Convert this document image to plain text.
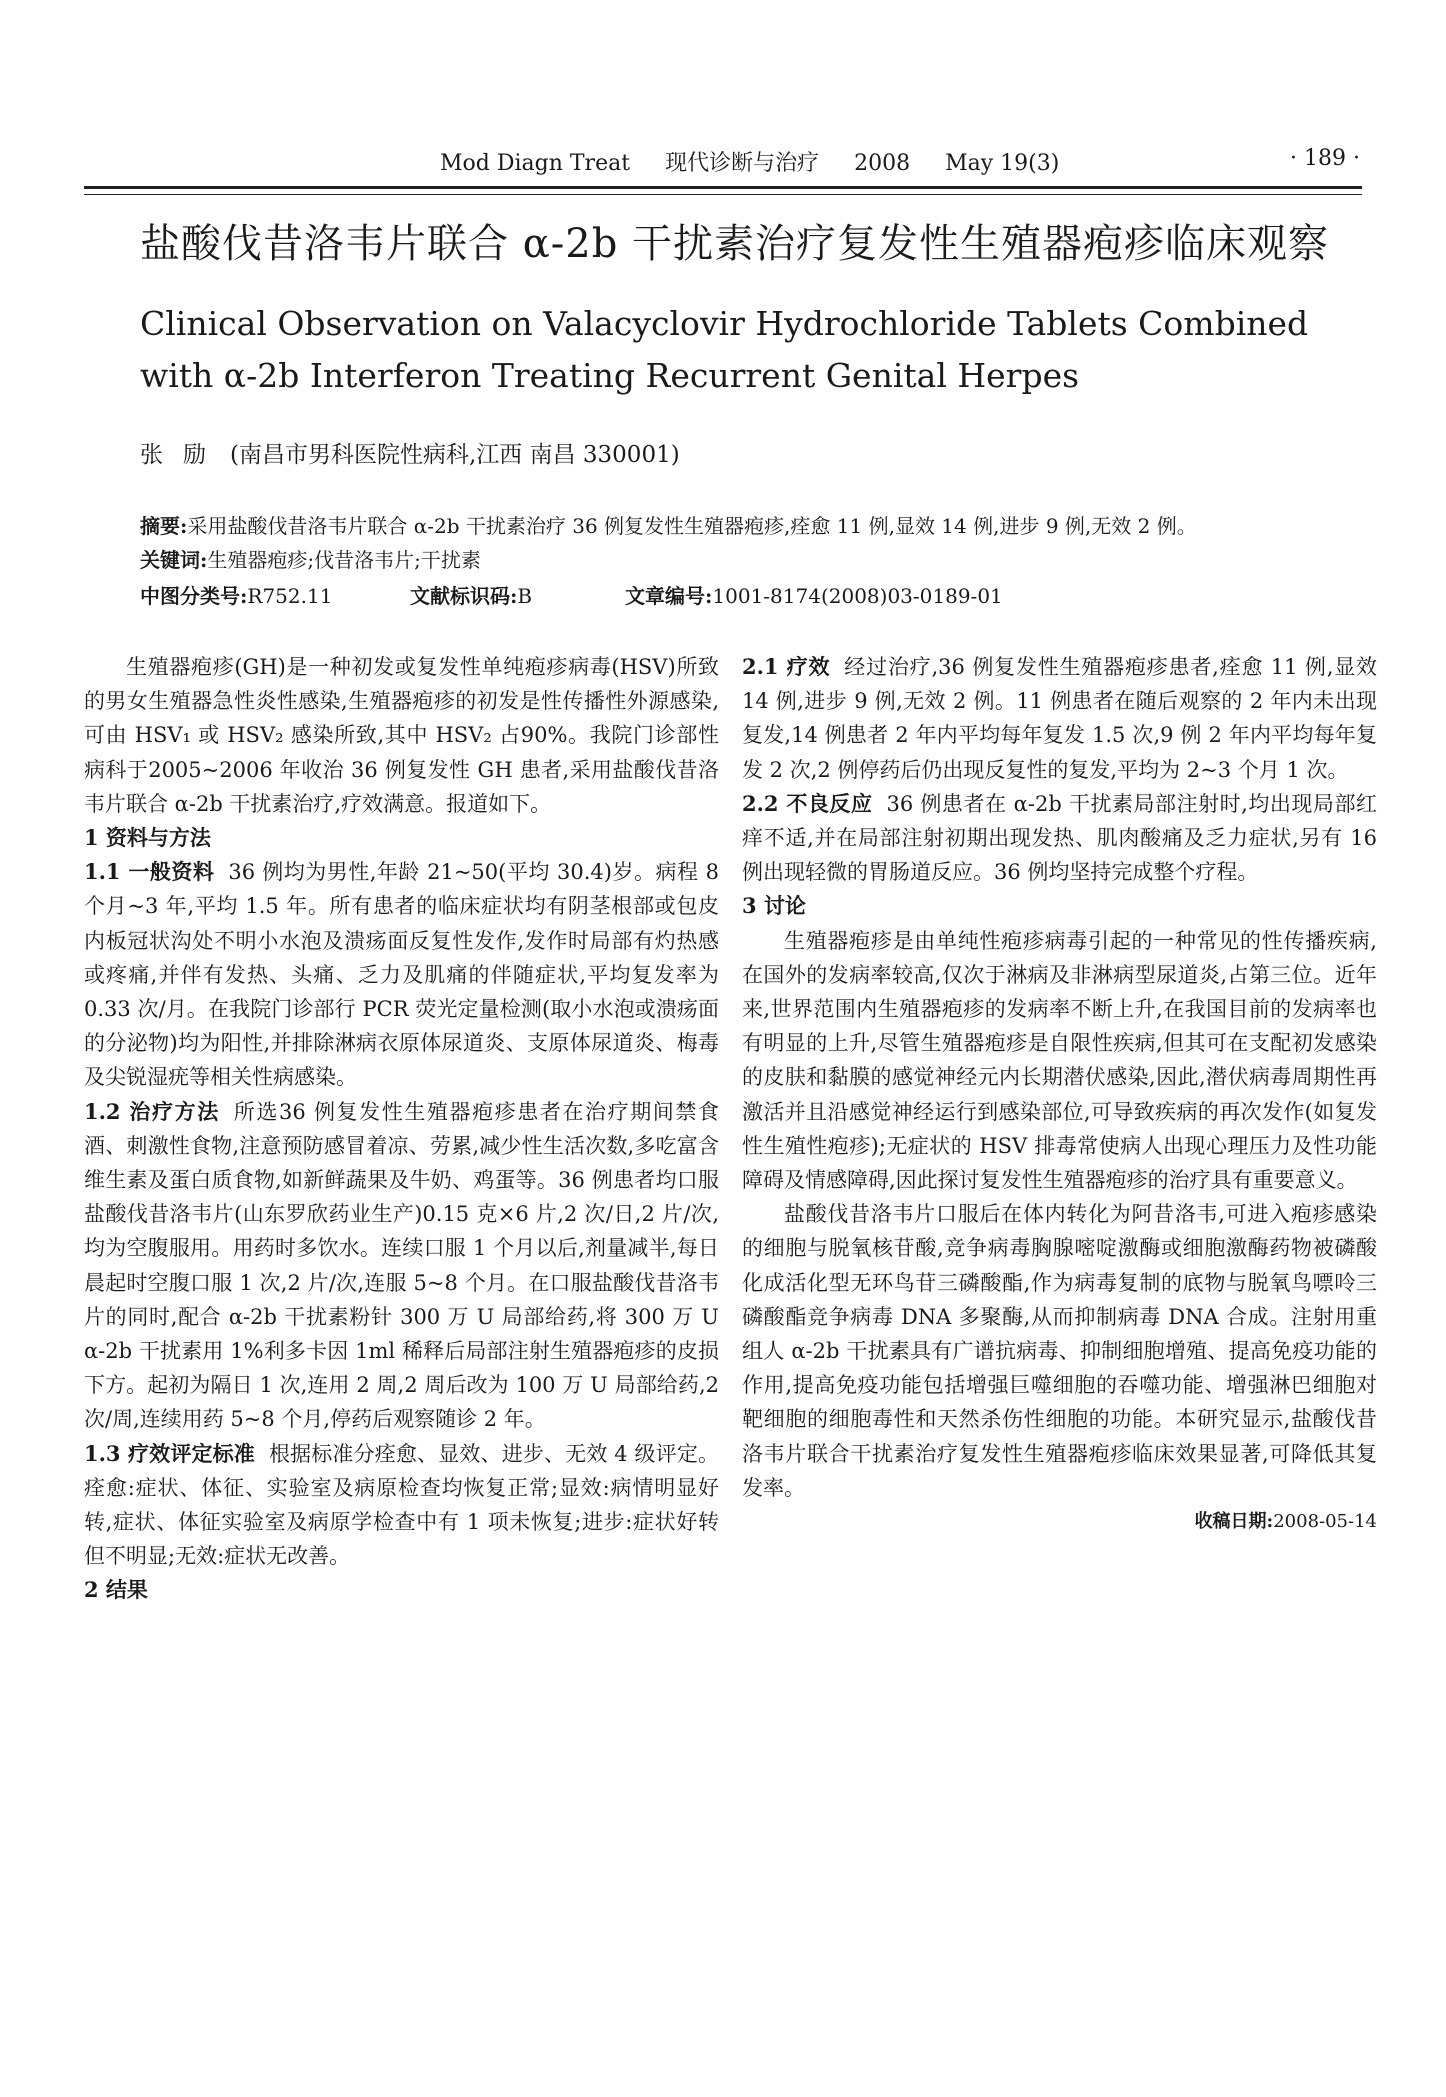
Mod Diagn Treat 现代诊断与治疗 2008 May 19(3)	· 189 ·
盐酸伐昔洛韦片联合 α-2b 干扰素治疗复发性生殖器疱疹临床观察
Clinical Observation on Valacyclovir Hydrochloride Tablets Combined with α-2b Interferon Treating Recurrent Genital Herpes
张励 (南昌市男科医院性病科,江西 南昌 330001)
摘要:采用盐酸伐昔洛韦片联合 α-2b 干扰素治疗 36 例复发性生殖器疱疹,痊愈 11 例,显效 14 例,进步 9 例,无效 2 例。
关键词:生殖器疱疹;伐昔洛韦片;干扰素
中图分类号:R752.11	文献标识码:B	文章编号:1001-8174(2008)03-0189-01

生殖器疱疹(GH)是一种初发或复发性单纯疱疹病毒(HSV)所致的男女生殖器急性炎性感染,生殖器疱疹的初发是性传播性外源感染,可由 HSV₁ 或 HSV₂ 感染所致,其中 HSV₂ 占90%。我院门诊部性病科于2005~2006 年收治 36 例复发性 GH 患者,采用盐酸伐昔洛韦片联合 α-2b 干扰素治疗,疗效满意。报道如下。

1 资料与方法

1.1 一般资料 36 例均为男性,年龄 21~50(平均 30.4)岁。病程 8 个月~3 年,平均 1.5 年。所有患者的临床症状均有阴茎根部或包皮内板冠状沟处不明小水泡及溃疡面反复性发作,发作时局部有灼热感或疼痛,并伴有发热、头痛、乏力及肌痛的伴随症状,平均复发率为 0.33 次/月。在我院门诊部行 PCR 荧光定量检测(取小水泡或溃疡面的分泌物)均为阳性,并排除淋病衣原体尿道炎、支原体尿道炎、梅毒及尖锐湿疣等相关性病感染。

1.2 治疗方法 所选36 例复发性生殖器疱疹患者在治疗期间禁食酒、刺激性食物,注意预防感冒着凉、劳累,减少性生活次数,多吃富含维生素及蛋白质食物,如新鲜蔬果及牛奶、鸡蛋等。36 例患者均口服盐酸伐昔洛韦片(山东罗欣药业生产)0.15 克×6 片,2 次/日,2 片/次,均为空腹服用。用药时多饮水。连续口服 1 个月以后,剂量减半,每日晨起时空腹口服 1 次,2 片/次,连服 5~8 个月。在口服盐酸伐昔洛韦片的同时,配合 α-2b 干扰素粉针 300 万 U 局部给药,将 300 万 U α-2b 干扰素用 1%利多卡因 1ml 稀释后局部注射生殖器疱疹的皮损下方。起初为隔日 1 次,连用 2 周,2 周后改为 100 万 U 局部给药,2 次/周,连续用药 5~8 个月,停药后观察随诊 2 年。

1.3 疗效评定标准 根据标准分痊愈、显效、进步、无效 4 级评定。痊愈:症状、体征、实验室及病原检查均恢复正常;显效:病情明显好转,症状、体征实验室及病原学检查中有 1 项未恢复;进步:症状好转但不明显;无效:症状无改善。

2 结果

2.1 疗效 经过治疗,36 例复发性生殖器疱疹患者,痊愈 11 例,显效 14 例,进步 9 例,无效 2 例。11 例患者在随后观察的 2 年内未出现复发,14 例患者 2 年内平均每年复发 1.5 次,9 例 2 年内平均每年复发 2 次,2 例停药后仍出现反复性的复发,平均为 2~3 个月 1 次。

2.2 不良反应 36 例患者在 α-2b 干扰素局部注射时,均出现局部红痒不适,并在局部注射初期出现发热、肌肉酸痛及乏力症状,另有 16 例出现轻微的胃肠道反应。36 例均坚持完成整个疗程。

3 讨论

生殖器疱疹是由单纯性疱疹病毒引起的一种常见的性传播疾病,在国外的发病率较高,仅次于淋病及非淋病型尿道炎,占第三位。近年来,世界范围内生殖器疱疹的发病率不断上升,在我国目前的发病率也有明显的上升,尽管生殖器疱疹是自限性疾病,但其可在支配初发感染的皮肤和黏膜的感觉神经元内长期潜伏感染,因此,潜伏病毒周期性再激活并且沿感觉神经运行到感染部位,可导致疾病的再次发作(如复发性生殖性疱疹);无症状的 HSV 排毒常使病人出现心理压力及性功能障碍及情感障碍,因此探讨复发性生殖器疱疹的治疗具有重要意义。

盐酸伐昔洛韦片口服后在体内转化为阿昔洛韦,可进入疱疹感染的细胞与脱氧核苷酸,竞争病毒胸腺嘧啶激酶或细胞激酶药物被磷酸化成活化型无环鸟苷三磷酸酯,作为病毒复制的底物与脱氧鸟嘌呤三磷酸酯竞争病毒 DNA 多聚酶,从而抑制病毒 DNA 合成。注射用重组人 α-2b 干扰素具有广谱抗病毒、抑制细胞增殖、提高免疫功能的作用,提高免疫功能包括增强巨噬细胞的吞噬功能、增强淋巴细胞对靶细胞的细胞毒性和天然杀伤性细胞的功能。本研究显示,盐酸伐昔洛韦片联合干扰素治疗复发性生殖器疱疹临床效果显著,可降低其复发率。

收稿日期:2008-05-14
